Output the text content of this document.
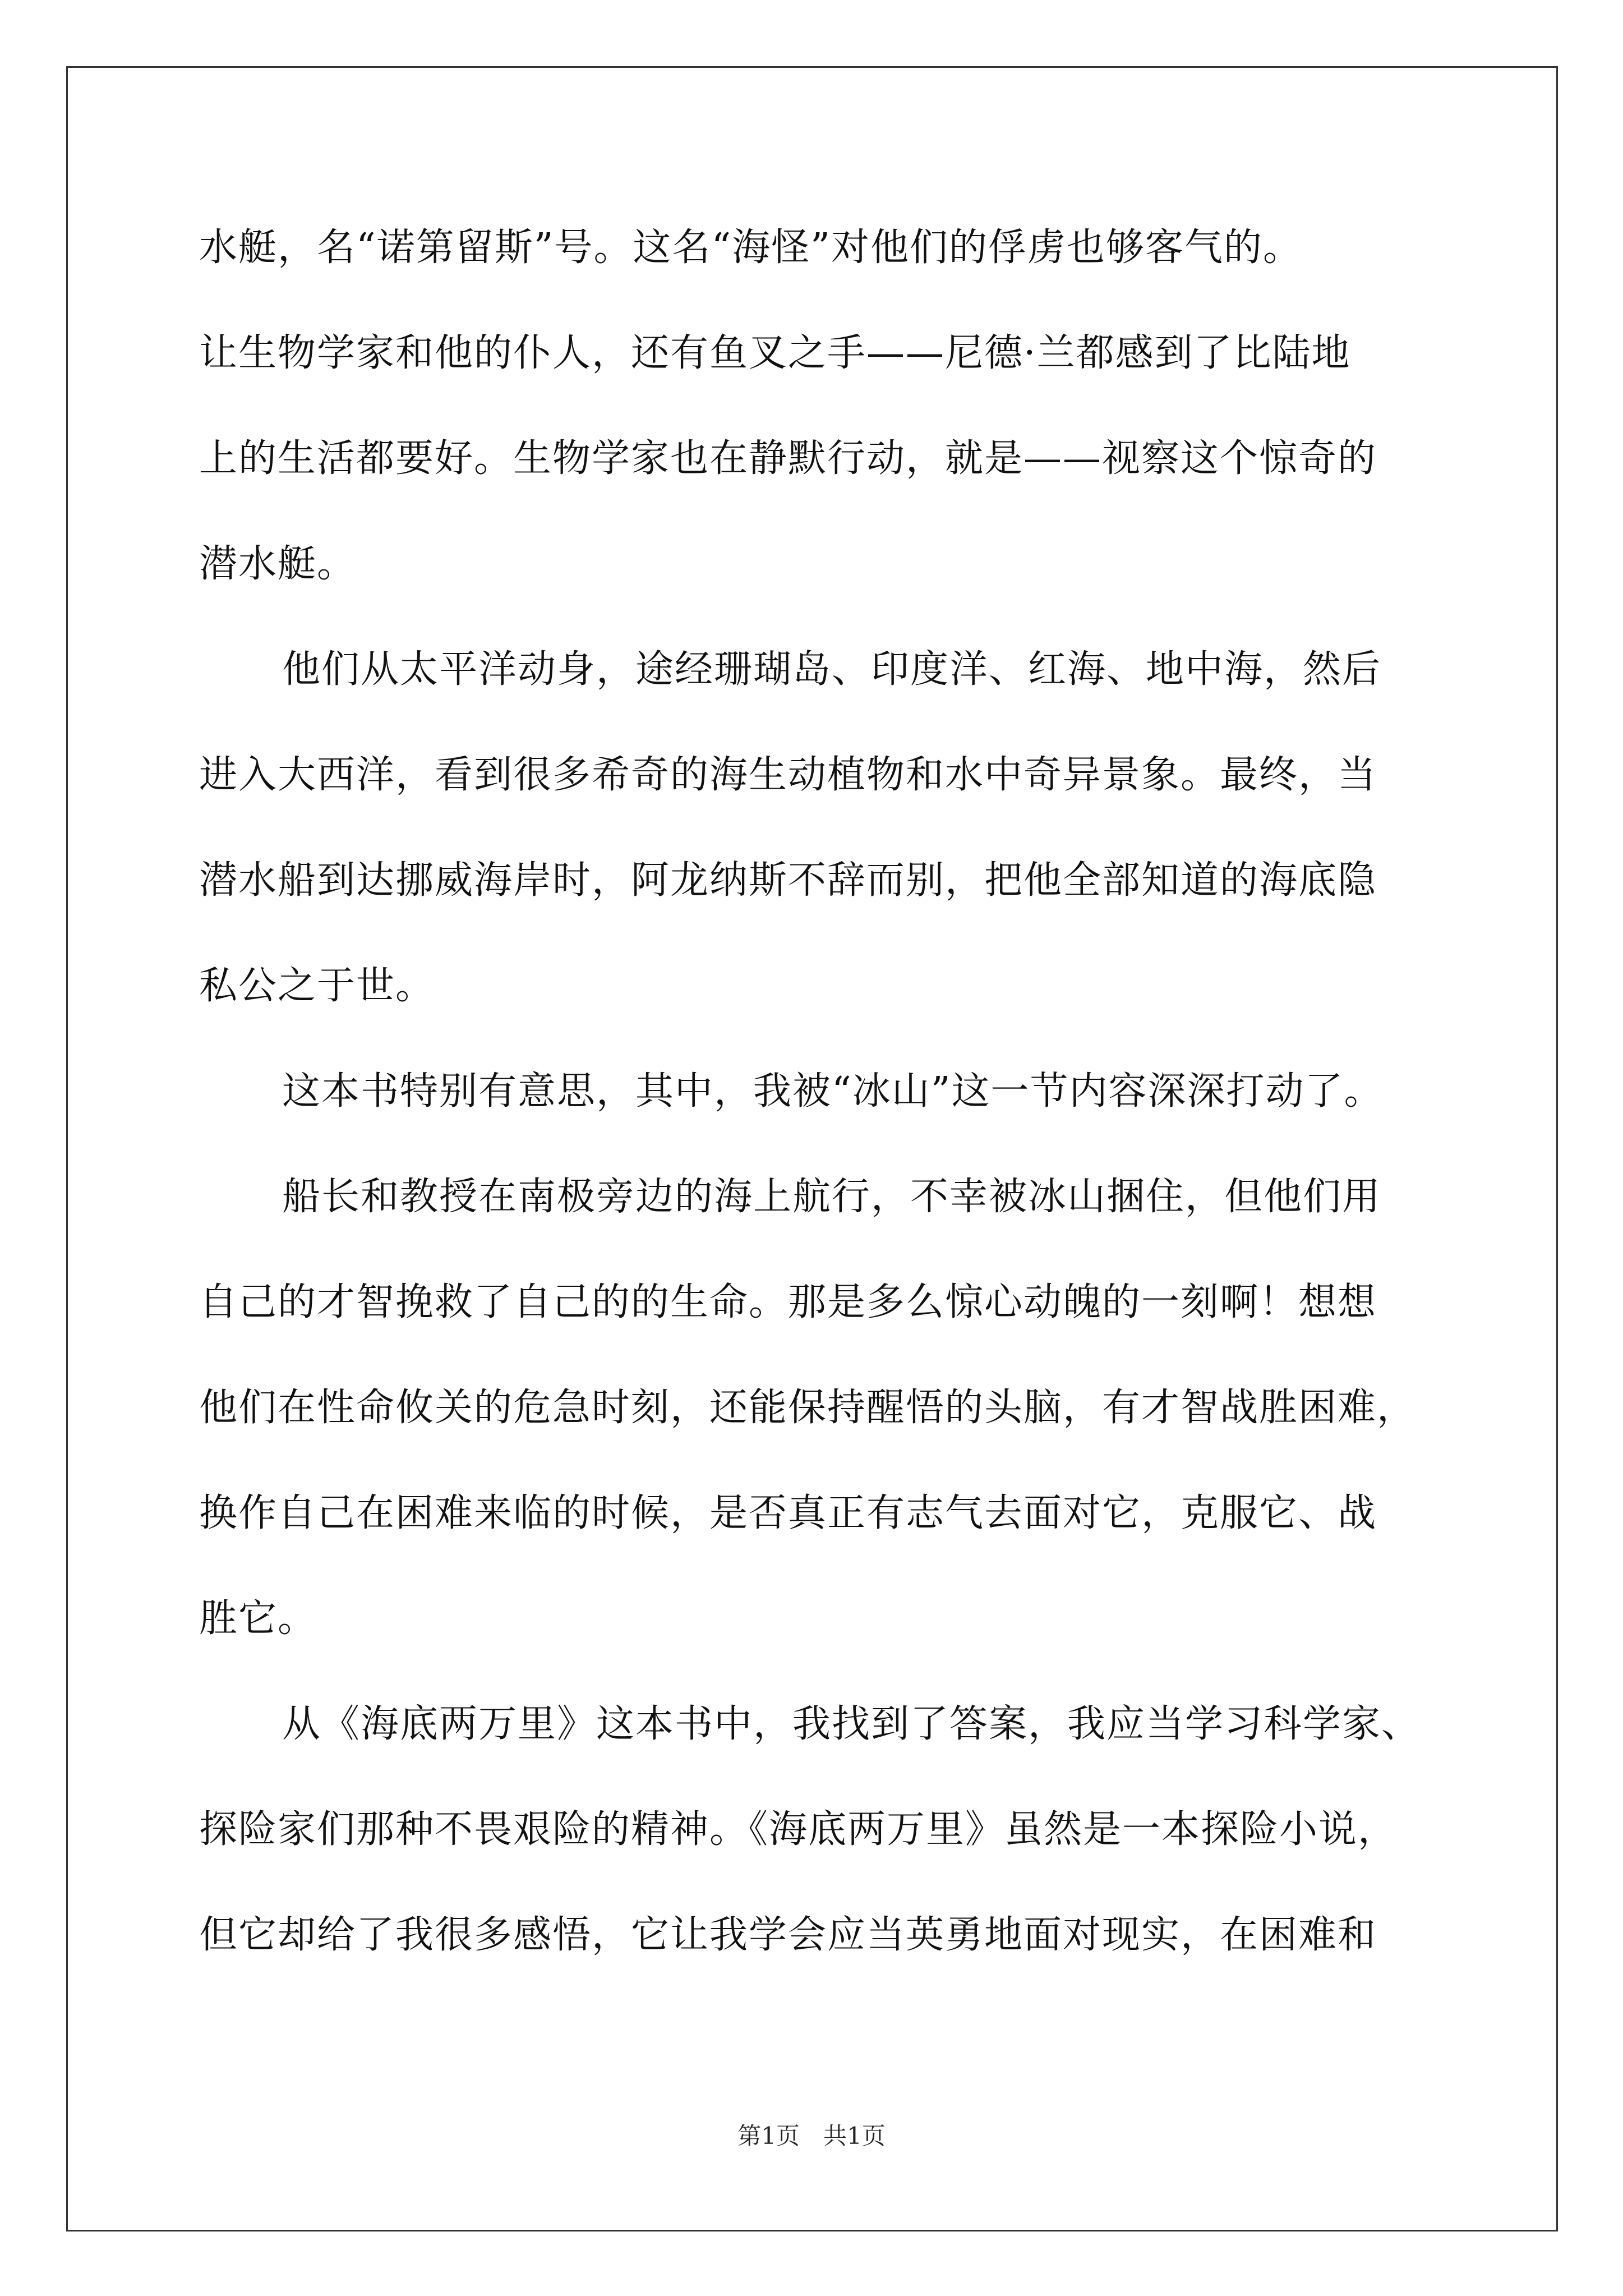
水艇，名“诺第留斯”号。这名“海怪”对他们的俘虏也够客气的。
让生物学家和他的仆人，还有鱼叉之手——尼德·兰都感到了比陆地
上的生活都要好。生物学家也在静默行动，就是——视察这个惊奇的
潜水艇。
他们从太平洋动身，途经珊瑚岛、印度洋、红海、地中海，然后
进入大西洋，看到很多希奇的海生动植物和水中奇异景象。最终，当
潜水船到达挪威海岸时，阿龙纳斯不辞而别，把他全部知道的海底隐
私公之于世。
这本书特别有意思，其中，我被“冰山”这一节内容深深打动了。
船长和教授在南极旁边的海上航行，不幸被冰山捆住，但他们用
自己的才智挽救了自己的的生命。那是多么惊心动魄的一刻啊！想想
他们在性命攸关的危急时刻，还能保持醒悟的头脑，有才智战胜困难，
换作自己在困难来临的时候，是否真正有志气去面对它，克服它、战
胜它。
从《海底两万里》这本书中，我找到了答案，我应当学习科学家、
探险家们那种不畏艰险的精神。《海底两万里》虽然是一本探险小说，
但它却给了我很多感悟，它让我学会应当英勇地面对现实，在困难和
第1页　共1页
